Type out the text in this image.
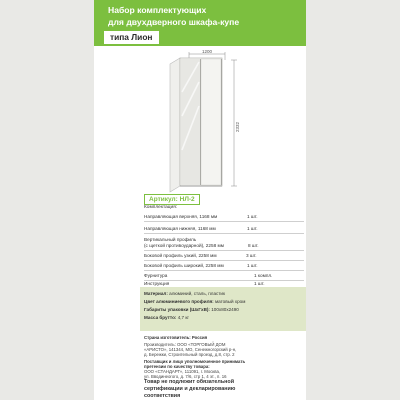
Набор комплектующих
для двухдверного шкафа-купе
типа Лион
1200
2332
Артикул: НЛ-2
Комплектация:
Направляющая верхняя, 1168 мм	1 шт.
Направляющая нижняя, 1168 мм	1 шт.
Вертикальный профиль
(с щеткой противоударной), 2258 мм	8 шт.
Боковой профиль узкий, 2258 мм	3 шт.
Боковой профиль широкий, 2258 мм	1 шт.
Фурнитура	1 компл.
Инструкция	1 шт.
Материал: алюминий, сталь, пластик
Цвет алюминиевого профиля: матовый хром
Габариты упаковки (ШхГхВ): 100х80х2490
Масса брутто: 4,7 кг
Страна изготовитель: Россия
Производитель: ООО «ТОРГОВЫЙ ДОМ
«АРИСТО», 141344, МО, Сенежногорский р-н,
д. Бережки, Строительный проезд, д.8, стр. 2
Поставщик и лицо уполномоченное принимать
претензии по качеству товара:
ООО «СТАНДАРТ», 111091, г. Москва,
ул. Вводинеогого, д. 7/6, стр 1, 4 эт., п. 16
Товар не подлежит обязательной
сертификации и декларированию
соответствия
